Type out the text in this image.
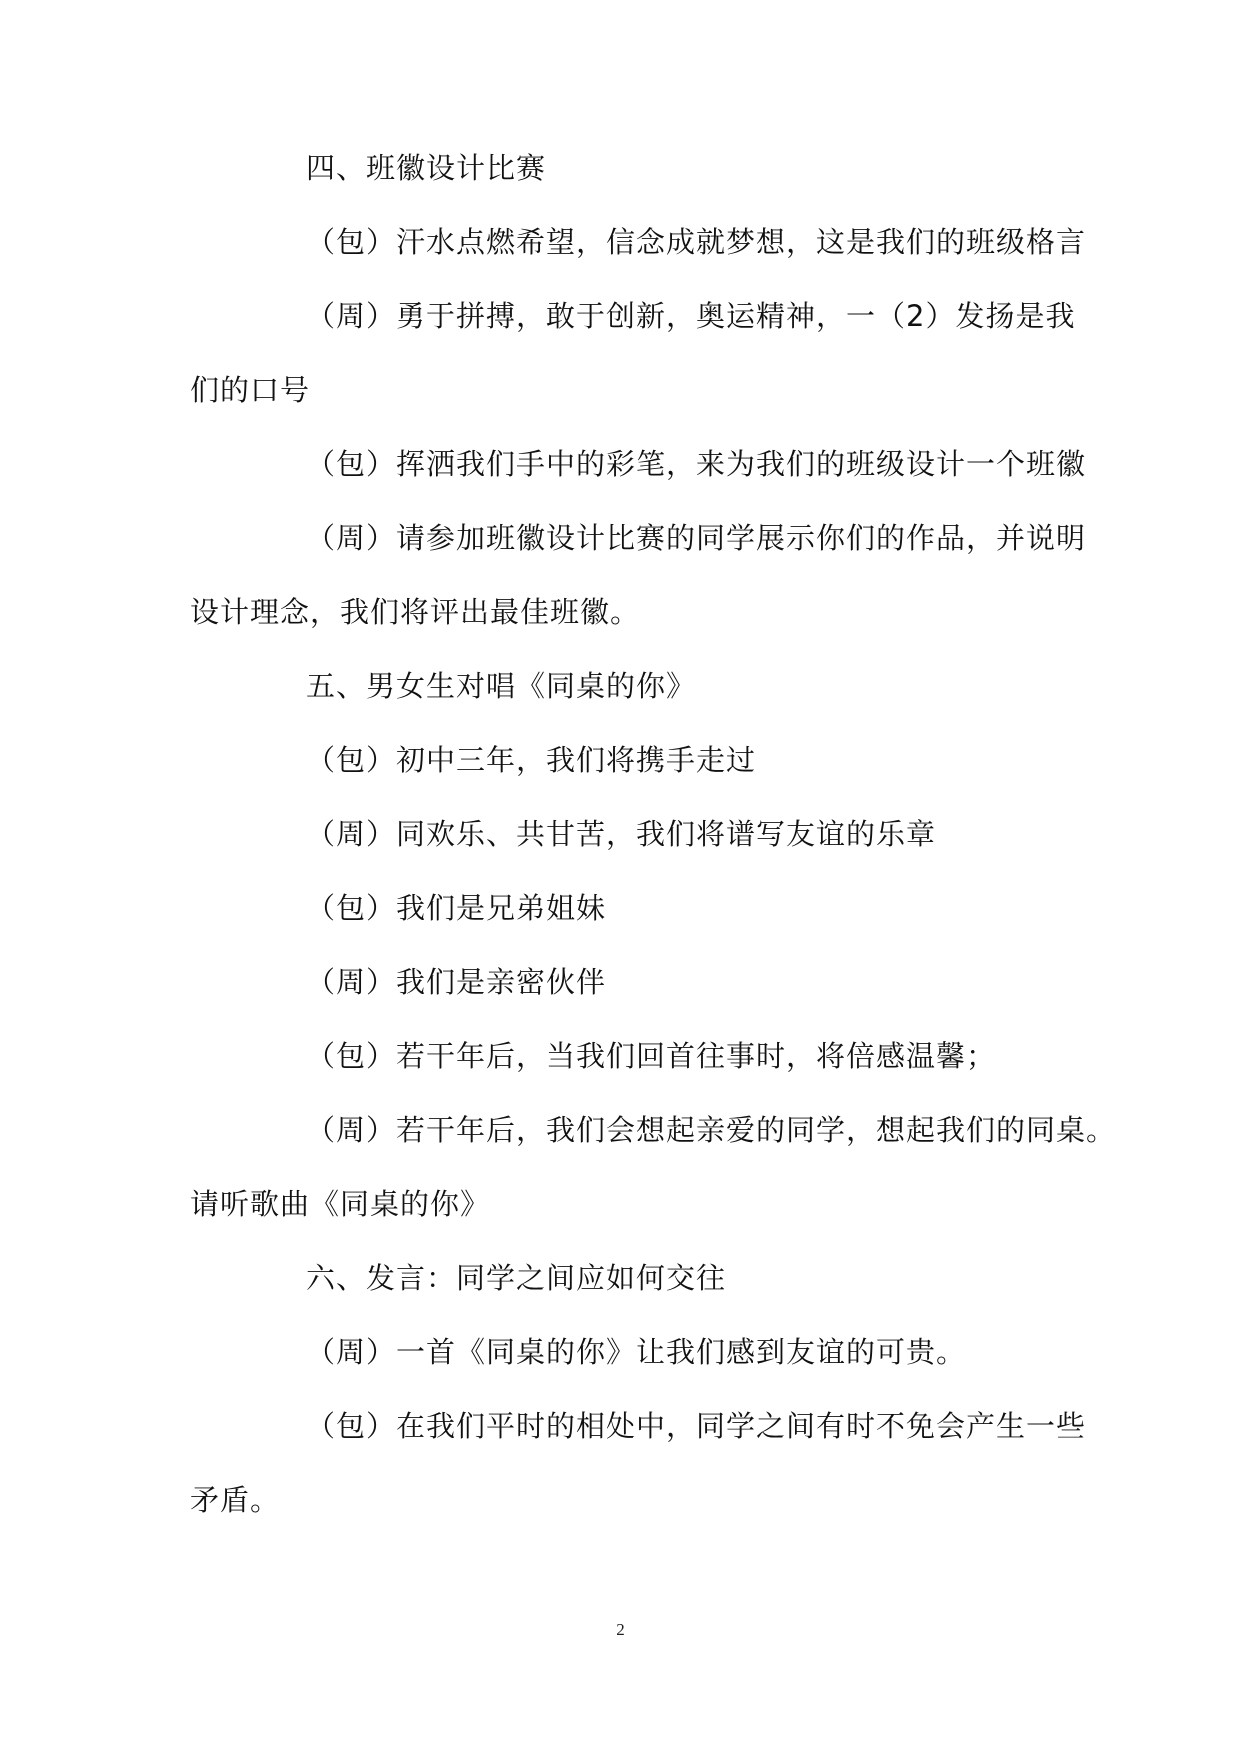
四、班徽设计比赛
（包）汗水点燃希望，信念成就梦想，这是我们的班级格言
（周）勇于拼搏，敢于创新，奥运精神，一（2）发扬是我
们的口号
（包）挥洒我们手中的彩笔，来为我们的班级设计一个班徽
（周）请参加班徽设计比赛的同学展示你们的作品，并说明
设计理念，我们将评出最佳班徽。
五、男女生对唱《同桌的你》
（包）初中三年，我们将携手走过
（周）同欢乐、共甘苦，我们将谱写友谊的乐章
（包）我们是兄弟姐妹
（周）我们是亲密伙伴
（包）若干年后，当我们回首往事时，将倍感温馨；
（周）若干年后，我们会想起亲爱的同学，想起我们的同桌。
请听歌曲《同桌的你》
六、发言：同学之间应如何交往
（周）一首《同桌的你》让我们感到友谊的可贵。
（包）在我们平时的相处中，同学之间有时不免会产生一些
矛盾。
2
